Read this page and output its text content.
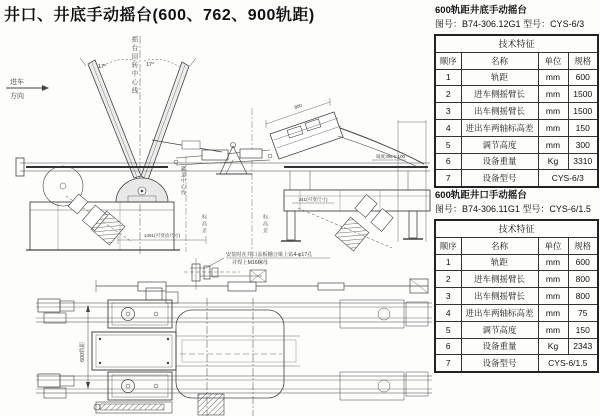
井口、井底手动摇台(600、762、900轨距)
进车
方向
17°	17°
1461(可变动尺寸)
800
坡度3‰ 1:100
341(可变尺寸)
安装时在井口盖板棚合梁上钻4-φ17孔
并焊上M16螺母
摇台回转中心线
罐道中心线
标高差	标高差
600轨距
600轨距井底手动摇台
图号：B74-306.12G1 型号：CYS-6/3
技术特征			
顺序	名称	单位	规格
1	轨距	mm	600
2	进车侧摇臂长	mm	1500
3	出车侧摇臂长	mm	1500
4	进出车两轴标高差	mm	150
5	调节高度	mm	300
6	设备重量	Kg	3310
7	设备型号	CYS-6/3	
600轨距井口手动摇台
图号：B74-306.11G1 型号：CYS-6/1.5
技术特征			
顺序	名称	单位	规格
1	轨距	mm	600
2	进车侧摇臂长	mm	800
3	出车侧摇臂长	mm	800
4	进出车两轴标高差	mm	75
5	调节高度	mm	150
6	设备重量	Kg	2343
7	设备型号	CYS-6/1.5	
